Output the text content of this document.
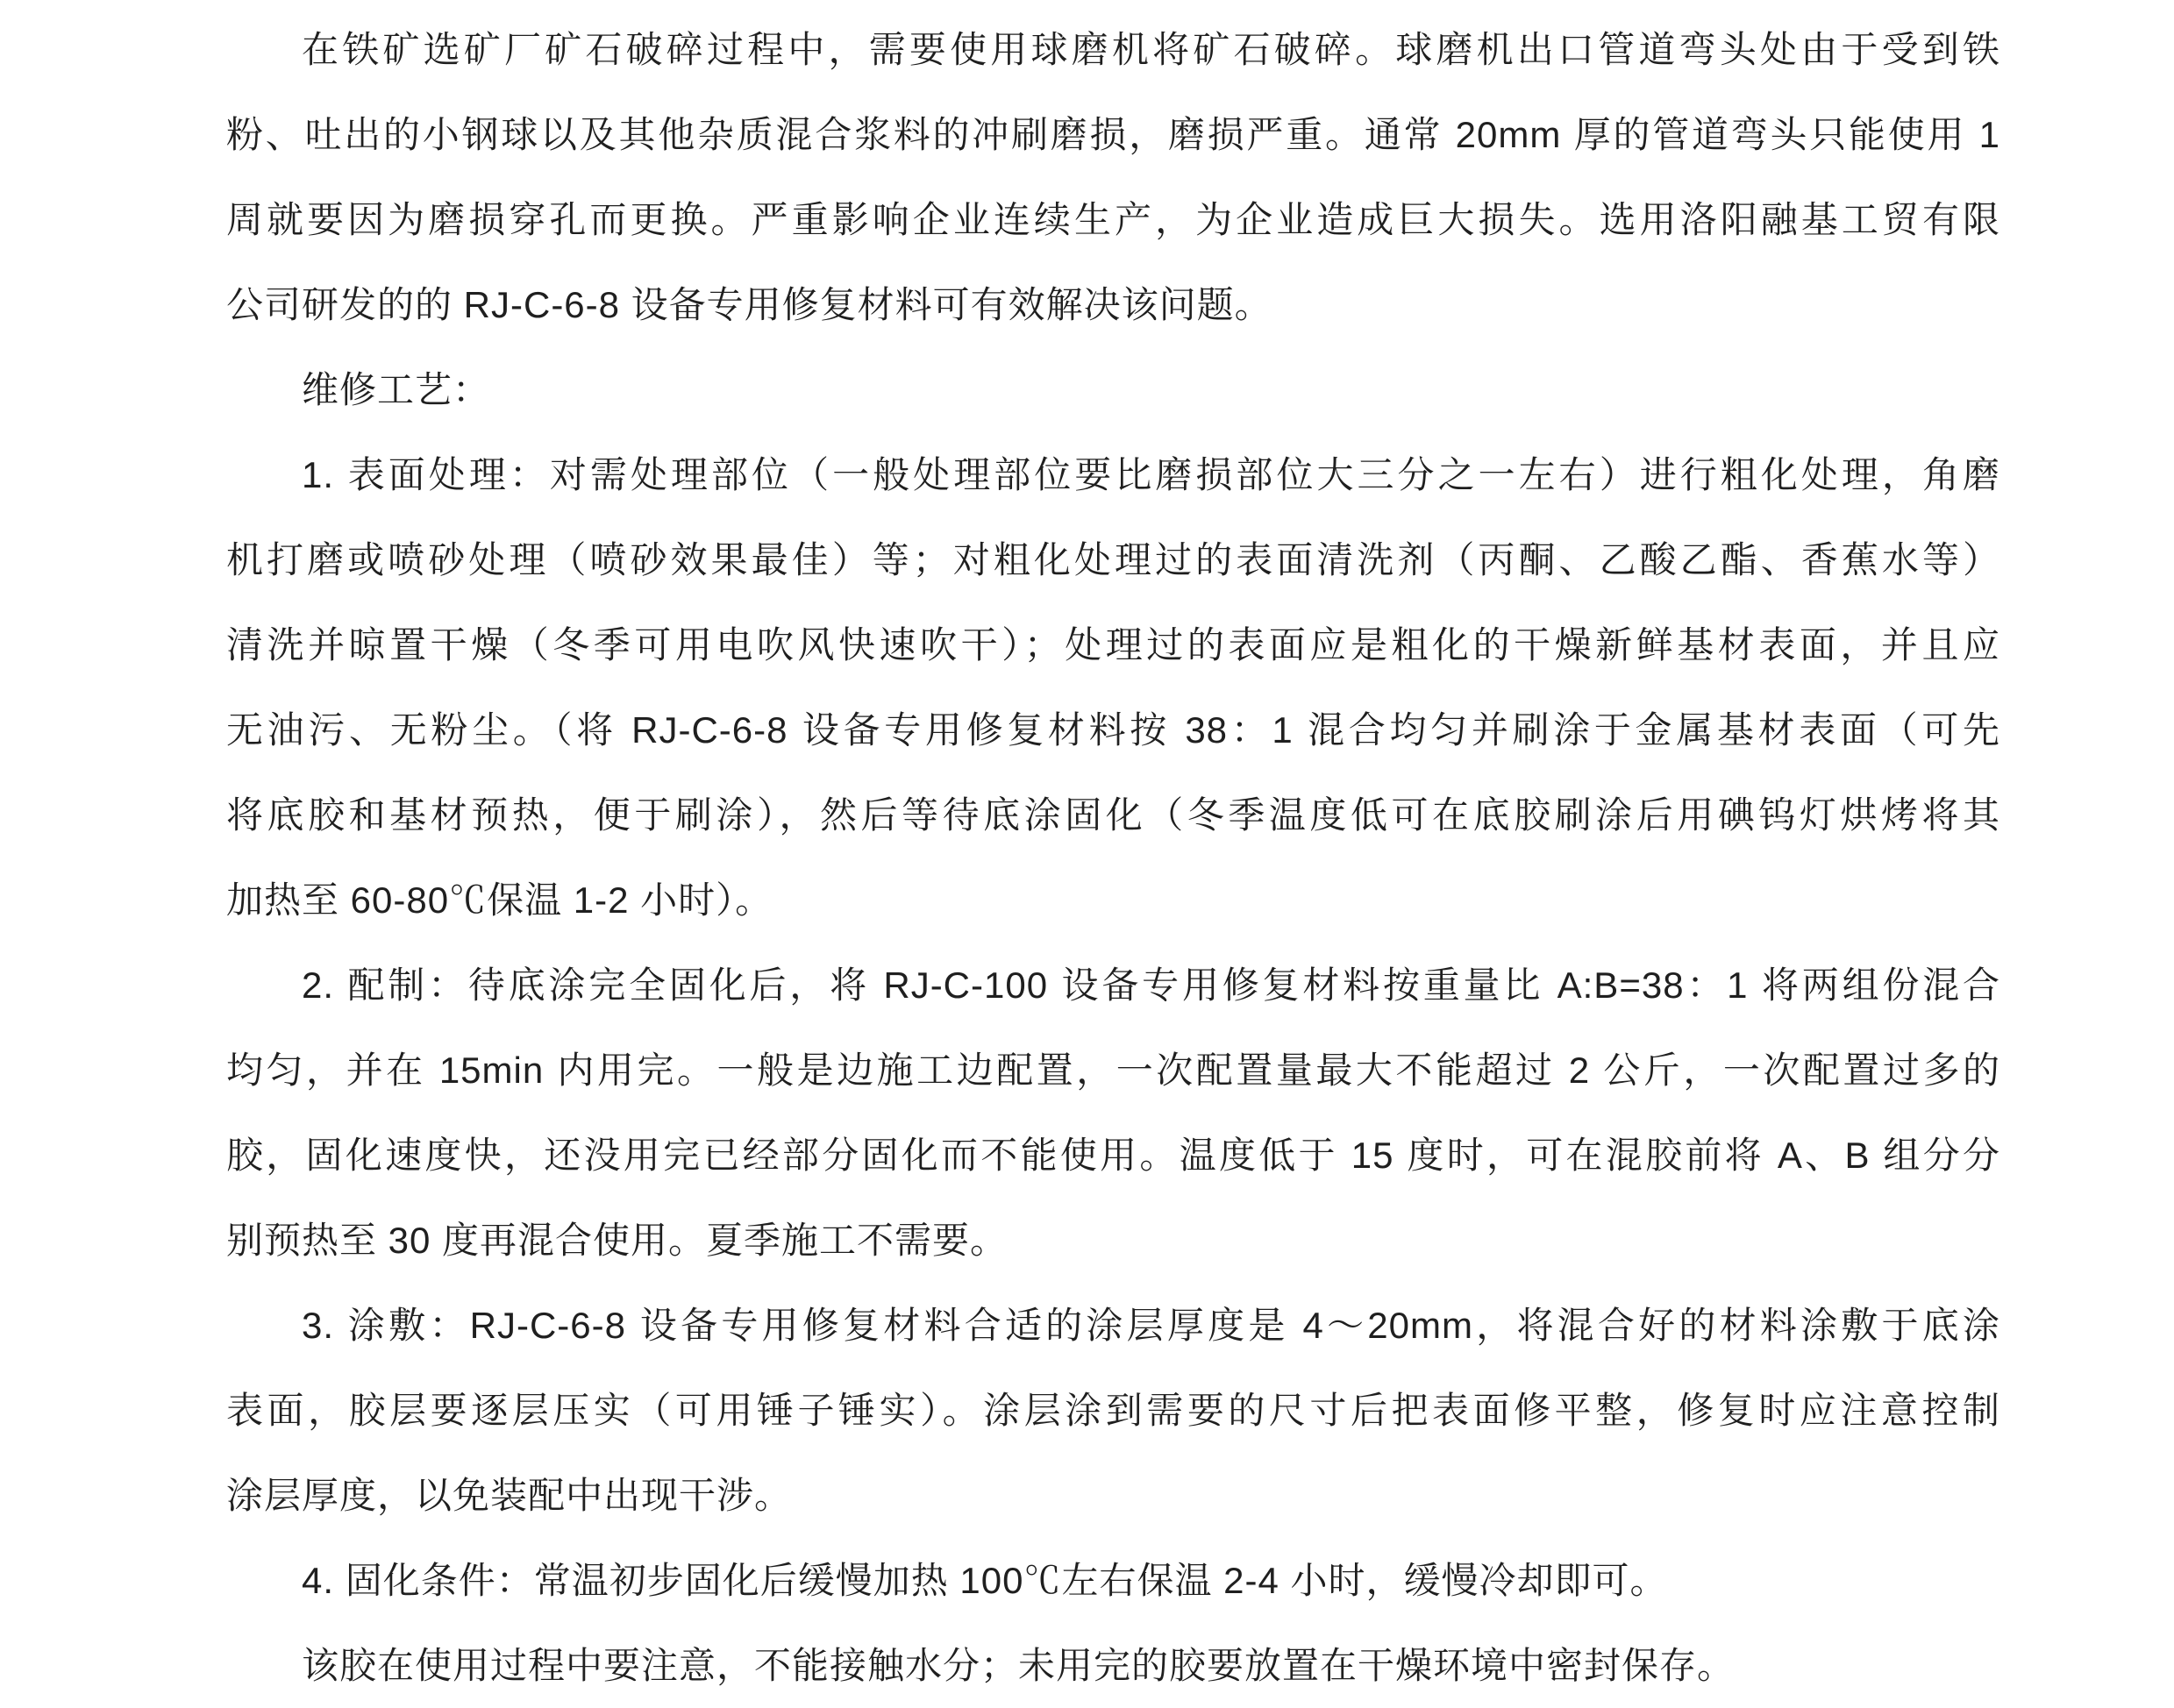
在铁矿选矿厂矿石破碎过程中，需要使用球磨机将矿石破碎。球磨机出口管道弯头处由于受到铁
粉、吐出的小钢球以及其他杂质混合浆料的冲刷磨损，磨损严重。通常 20mm 厚的管道弯头只能使用 1
周就要因为磨损穿孔而更换。严重影响企业连续生产，为企业造成巨大损失。选用洛阳融基工贸有限
公司研发的的 RJ-C-6-8 设备专用修复材料可有效解决该问题。
维修工艺：
1. 表面处理：对需处理部位（一般处理部位要比磨损部位大三分之一左右）进行粗化处理，角磨
机打磨或喷砂处理（喷砂效果最佳）等；对粗化处理过的表面清洗剂（丙酮、乙酸乙酯、香蕉水等）
清洗并晾置干燥（冬季可用电吹风快速吹干）；处理过的表面应是粗化的干燥新鲜基材表面，并且应
无油污、无粉尘。（将 RJ-C-6-8 设备专用修复材料按 38：1 混合均匀并刷涂于金属基材表面（可先
将底胶和基材预热，便于刷涂），然后等待底涂固化（冬季温度低可在底胶刷涂后用碘钨灯烘烤将其
加热至 60-80℃保温 1-2 小时）。
2. 配制：待底涂完全固化后，将 RJ-C-100 设备专用修复材料按重量比 A:B=38：1 将两组份混合
均匀，并在 15min 内用完。一般是边施工边配置，一次配置量最大不能超过 2 公斤，一次配置过多的
胶，固化速度快，还没用完已经部分固化而不能使用。温度低于 15 度时，可在混胶前将 A、B 组分分
别预热至 30 度再混合使用。夏季施工不需要。
3. 涂敷：RJ-C-6-8 设备专用修复材料合适的涂层厚度是 4～20mm，将混合好的材料涂敷于底涂
表面，胶层要逐层压实（可用锤子锤实）。涂层涂到需要的尺寸后把表面修平整，修复时应注意控制
涂层厚度，以免装配中出现干涉。
4. 固化条件：常温初步固化后缓慢加热 100℃左右保温 2-4 小时，缓慢冷却即可。
该胶在使用过程中要注意，不能接触水分；未用完的胶要放置在干燥环境中密封保存。
